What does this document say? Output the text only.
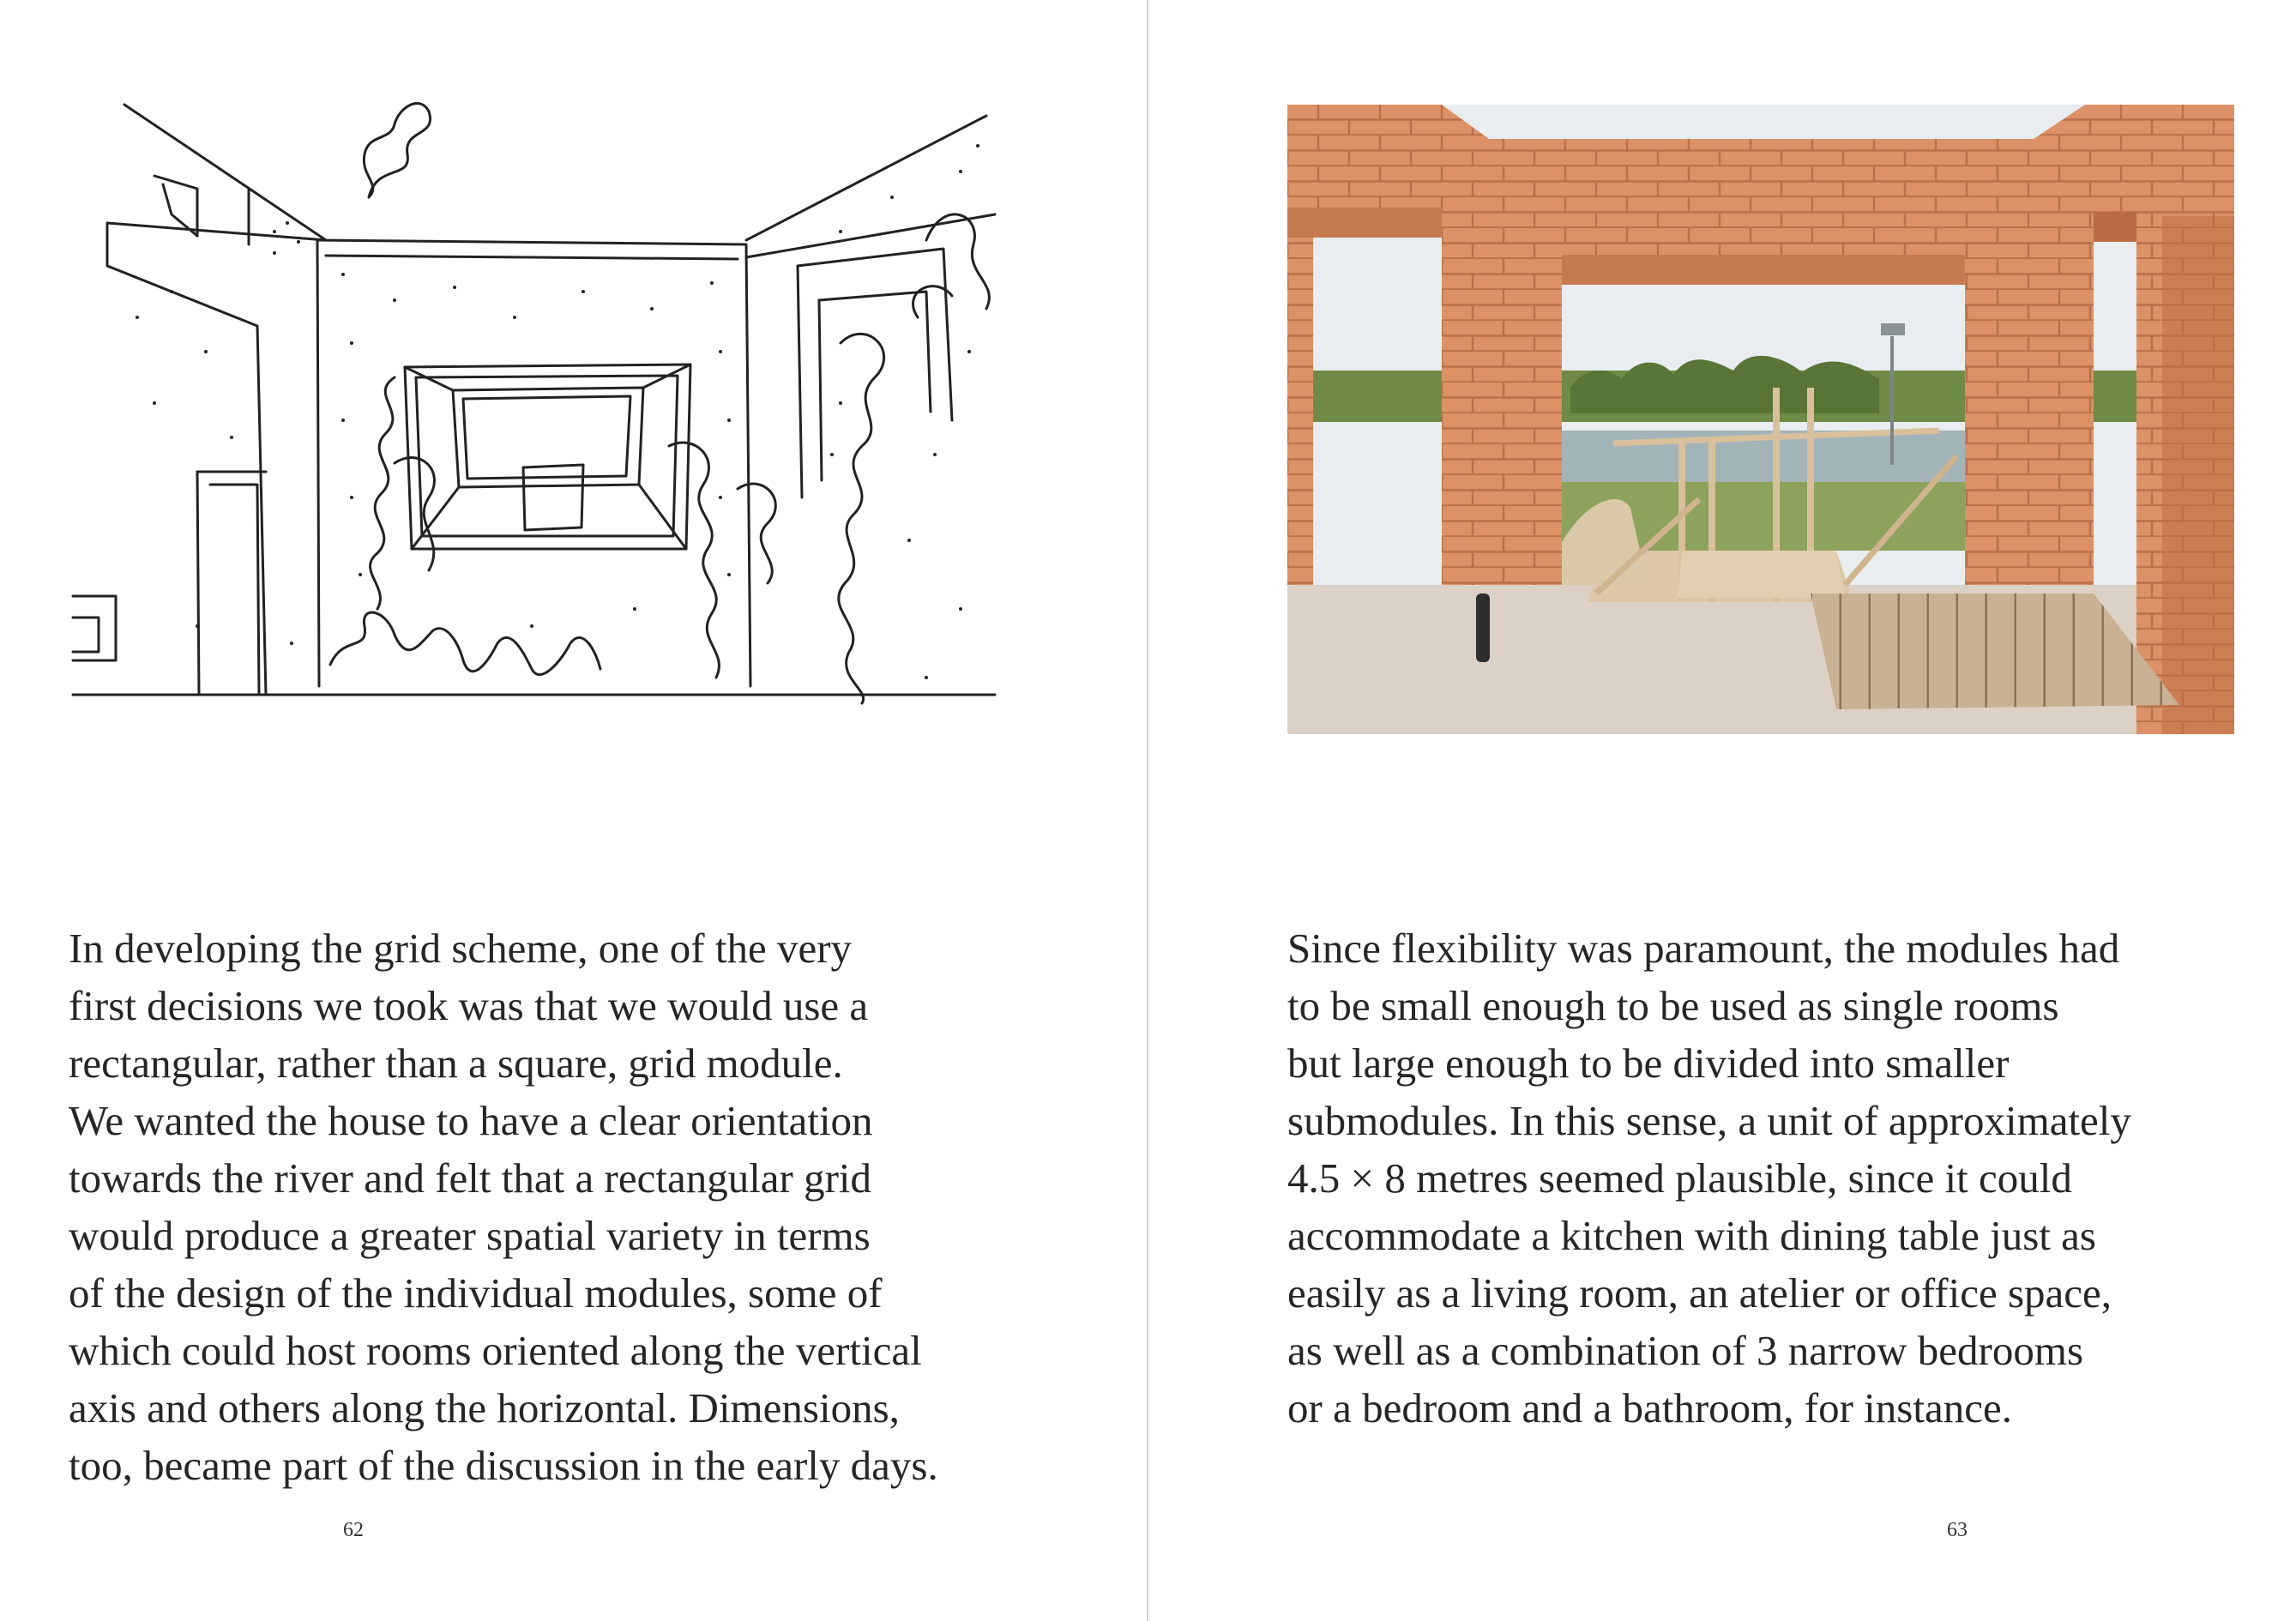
In developing the grid scheme, one of the very
first decisions we took was that we would use a
rectangular, rather than a square, grid module.
We wanted the house to have a clear orientation
towards the river and felt that a rectangular grid
would produce a greater spatial variety in terms
of the design of the individual modules, some of
which could host rooms oriented along the vertical
axis and others along the horizontal. Dimensions,
too, became part of the discussion in the early days.
62
Since flexibility was paramount, the modules had
to be small enough to be used as single rooms
but large enough to be divided into smaller
submodules. In this sense, a unit of approximately
4.5 × 8 metres seemed plausible, since it could
accommodate a kitchen with dining table just as
easily as a living room, an atelier or office space,
as well as a combination of 3 narrow bedrooms
or a bedroom and a bathroom, for instance.
63
